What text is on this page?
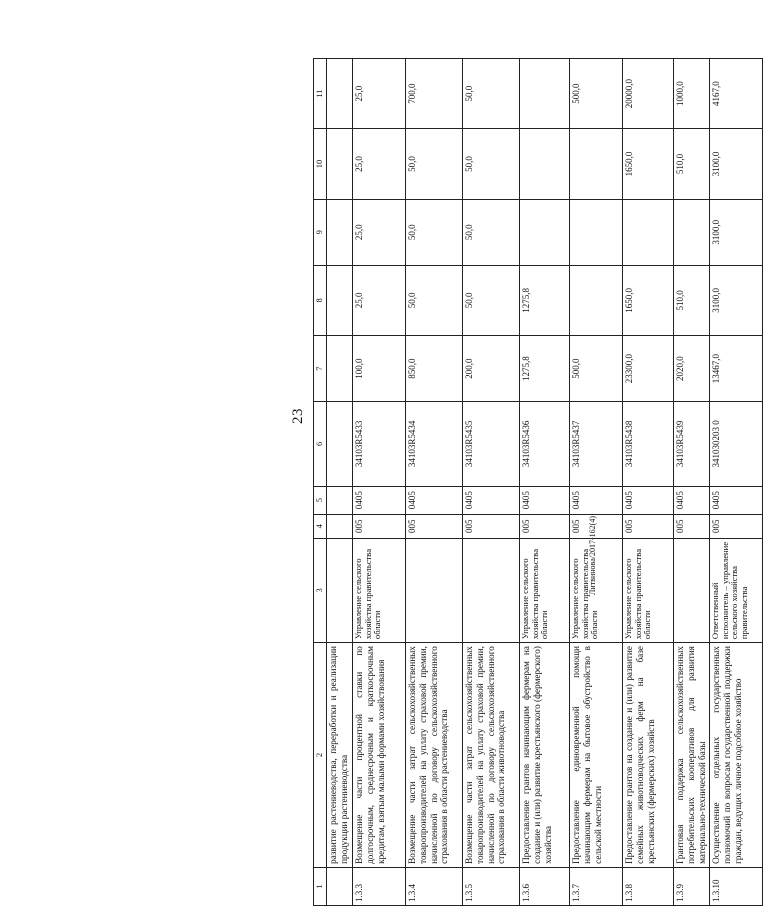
23
Литвинова/2017-162(4)
1	2	3	4	5	6	7	8	9	10	11
	развитие растениеводства, переработки и реализации продукции растениеводства									
1.3.3	Возмещение части процентной ставки по долгосрочным, среднесрочным и краткосрочным кредитам, взятым малыми формами хозяйствования	Управление сельского хозяйства правительства области	005	0405	34103R5433	100,0	25,0	25,0	25,0	25,0
1.3.4	Возмещение части затрат сельскохозяйственных товаропроизводителей на уплату страховой премии, начисленной по договору сельскохозяйственного страхования в области растениеводства		005	0405	34103R5434	850,0	50,0	50,0	50,0	700,0
1.3.5	Возмещение части затрат сельскохозяйственных товаропроизводителей на уплату страховой премии, начисленной по договору сельскохозяйственного страхования в области животноводства		005	0405	34103R5435	200,0	50,0	50,0	50,0	50,0
1.3.6	Предоставление грантов начинающим фермерам на создание и (или) развитие крестьянского (фермерского) хозяйства	Управление сельского хозяйства правительства области	005	0405	34103R5436	1275,8	1275,8			
1.3.7	Предоставление единовременной помощи начинающим фермерам на бытовое обустройство в сельской местности	Управление сельского хозяйства правительства области	005	0405	34103R5437	500,0				500,0
1.3.8	Предоставление грантов на создание и (или) развитие семейных животноводческих ферм на базе крестьянских (фермерских) хозяйств	Управление сельского хозяйства правительства области	005	0405	34103R5438	23300,0	1650,0		1650,0	20000,0
1.3.9	Грантовая поддержка сельскохозяйственных потребительских кооперативов для развития материально-технической базы		005	0405	34103R5439	2020,0	510,0		510,0	1000,0
1.3.10	Осуществление отдельных государственных полномочий по вопросам государственной поддержки граждан, ведущих личное подсобное хозяйство	Ответственный исполнитель – управление сельского хозяйства правительства	005	0405	341030203 0	13467,0	3100,0	3100,0	3100,0	4167,0
